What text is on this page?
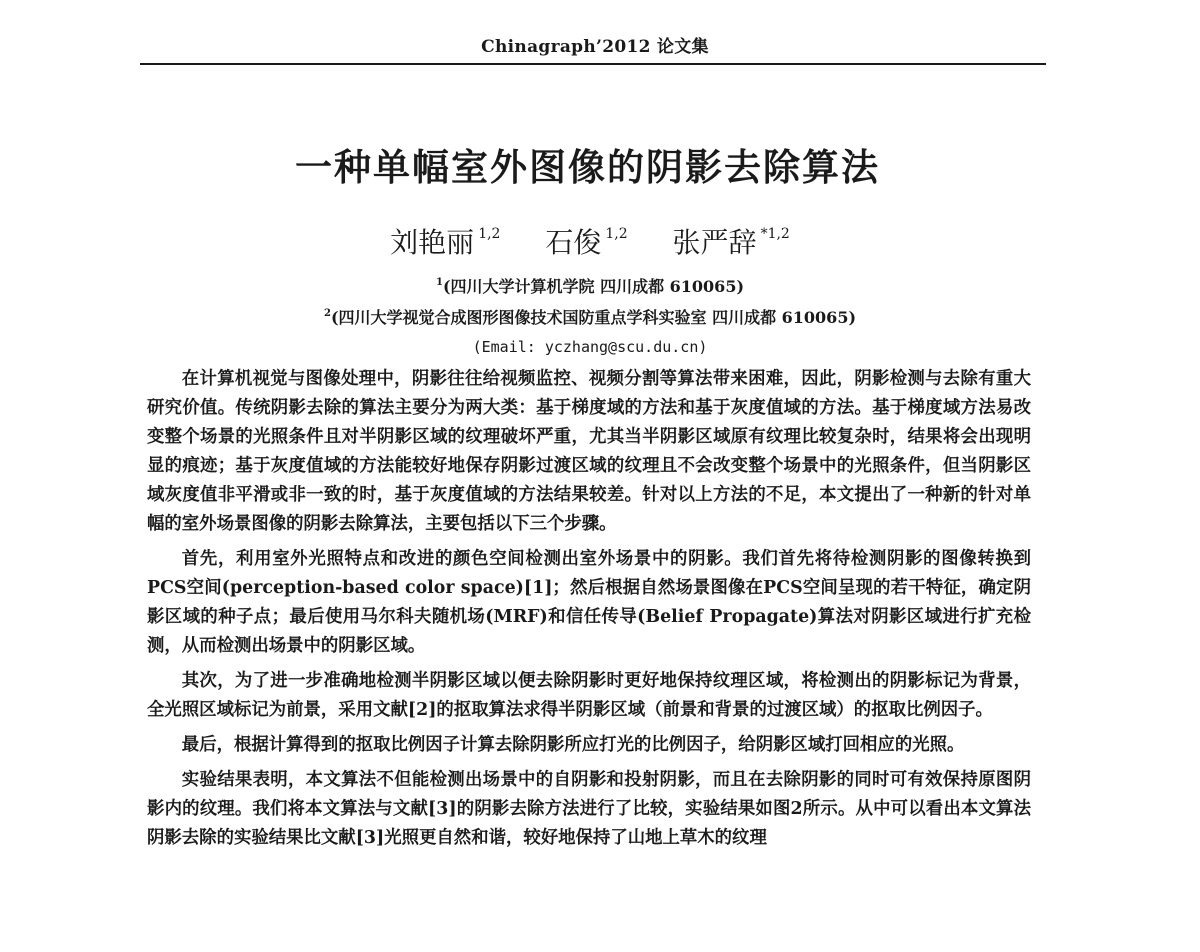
Chinagraph’2012 论文集
一种单幅室外图像的阴影去除算法
刘艳丽 $^{1,2}$ 石俊 $^{1,2}$ 张严辞 $^{*1,2}$
$^1$(四川大学计算机学院 四川成都 610065)
$^2$(四川大学视觉合成图形图像技术国防重点学科实验室 四川成都 610065)
(Email: yczhang@scu.du.cn)

在计算机视觉与图像处理中，阴影往往给视频监控、视频分割等算法带来困难，因此，阴影检测与去除有重大研究价值。传统阴影去除的算法主要分为两大类：基于梯度域的方法和基于灰度值域的方法。基于梯度域方法易改变整个场景的光照条件且对半阴影区域的纹理破坏严重，尤其当半阴影区域原有纹理比较复杂时，结果将会出现明显的痕迹；基于灰度值域的方法能较好地保存阴影过渡区域的纹理且不会改变整个场景中的光照条件，但当阴影区域灰度值非平滑或非一致的时，基于灰度值域的方法结果较差。针对以上方法的不足，本文提出了一种新的针对单幅的室外场景图像的阴影去除算法，主要包括以下三个步骤。

首先，利用室外光照特点和改进的颜色空间检测出室外场景中的阴影。我们首先将待检测阴影的图像转换到PCS空间(perception-based color space)[1]；然后根据自然场景图像在PCS空间呈现的若干特征，确定阴影区域的种子点；最后使用马尔科夫随机场(MRF)和信任传导(Belief Propagate)算法对阴影区域进行扩充检测，从而检测出场景中的阴影区域。

其次，为了进一步准确地检测半阴影区域以便去除阴影时更好地保持纹理区域，将检测出的阴影标记为背景，全光照区域标记为前景，采用文献[2]的抠取算法求得半阴影区域（前景和背景的过渡区域）的抠取比例因子。

最后，根据计算得到的抠取比例因子计算去除阴影所应打光的比例因子，给阴影区域打回相应的光照。

实验结果表明，本文算法不但能检测出场景中的自阴影和投射阴影，而且在去除阴影的同时可有效保持原图阴影内的纹理。我们将本文算法与文献[3]的阴影去除方法进行了比较，实验结果如图2所示。从中可以看出本文算法阴影去除的实验结果比文献[3]光照更自然和谐，较好地保持了山地上草木的纹理
